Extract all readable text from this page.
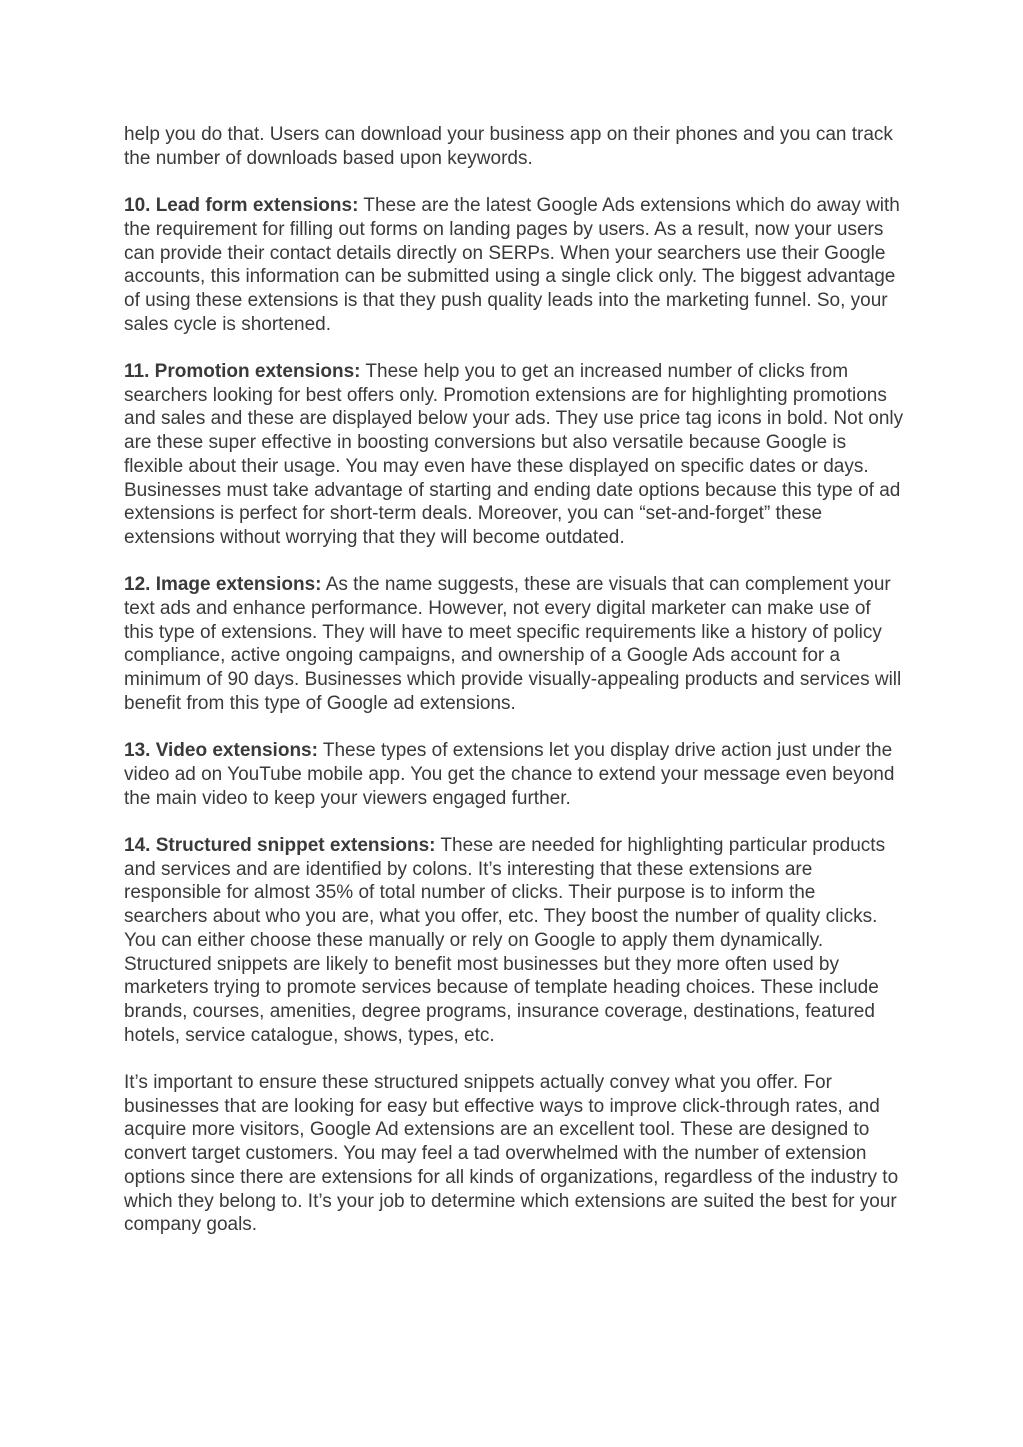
help you do that. Users can download your business app on their phones and you can track the number of downloads based upon keywords.

10. Lead form extensions: These are the latest Google Ads extensions which do away with the requirement for filling out forms on landing pages by users. As a result, now your users can provide their contact details directly on SERPs. When your searchers use their Google accounts, this information can be submitted using a single click only. The biggest advantage of using these extensions is that they push quality leads into the marketing funnel. So, your sales cycle is shortened.

11. Promotion extensions: These help you to get an increased number of clicks from searchers looking for best offers only. Promotion extensions are for highlighting promotions and sales and these are displayed below your ads. They use price tag icons in bold. Not only are these super effective in boosting conversions but also versatile because Google is flexible about their usage. You may even have these displayed on specific dates or days. Businesses must take advantage of starting and ending date options because this type of ad extensions is perfect for short-term deals. Moreover, you can “set-and-forget” these extensions without worrying that they will become outdated.

12. Image extensions: As the name suggests, these are visuals that can complement your text ads and enhance performance. However, not every digital marketer can make use of this type of extensions. They will have to meet specific requirements like a history of policy compliance, active ongoing campaigns, and ownership of a Google Ads account for a minimum of 90 days. Businesses which provide visually-appealing products and services will benefit from this type of Google ad extensions.

13. Video extensions: These types of extensions let you display drive action just under the video ad on YouTube mobile app. You get the chance to extend your message even beyond the main video to keep your viewers engaged further.

14. Structured snippet extensions: These are needed for highlighting particular products and services and are identified by colons. It’s interesting that these extensions are responsible for almost 35% of total number of clicks. Their purpose is to inform the searchers about who you are, what you offer, etc. They boost the number of quality clicks. You can either choose these manually or rely on Google to apply them dynamically. Structured snippets are likely to benefit most businesses but they more often used by marketers trying to promote services because of template heading choices. These include brands, courses, amenities, degree programs, insurance coverage, destinations, featured hotels, service catalogue, shows, types, etc.

It’s important to ensure these structured snippets actually convey what you offer. For businesses that are looking for easy but effective ways to improve click-through rates, and acquire more visitors, Google Ad extensions are an excellent tool. These are designed to convert target customers. You may feel a tad overwhelmed with the number of extension options since there are extensions for all kinds of organizations, regardless of the industry to which they belong to. It’s your job to determine which extensions are suited the best for your company goals.
